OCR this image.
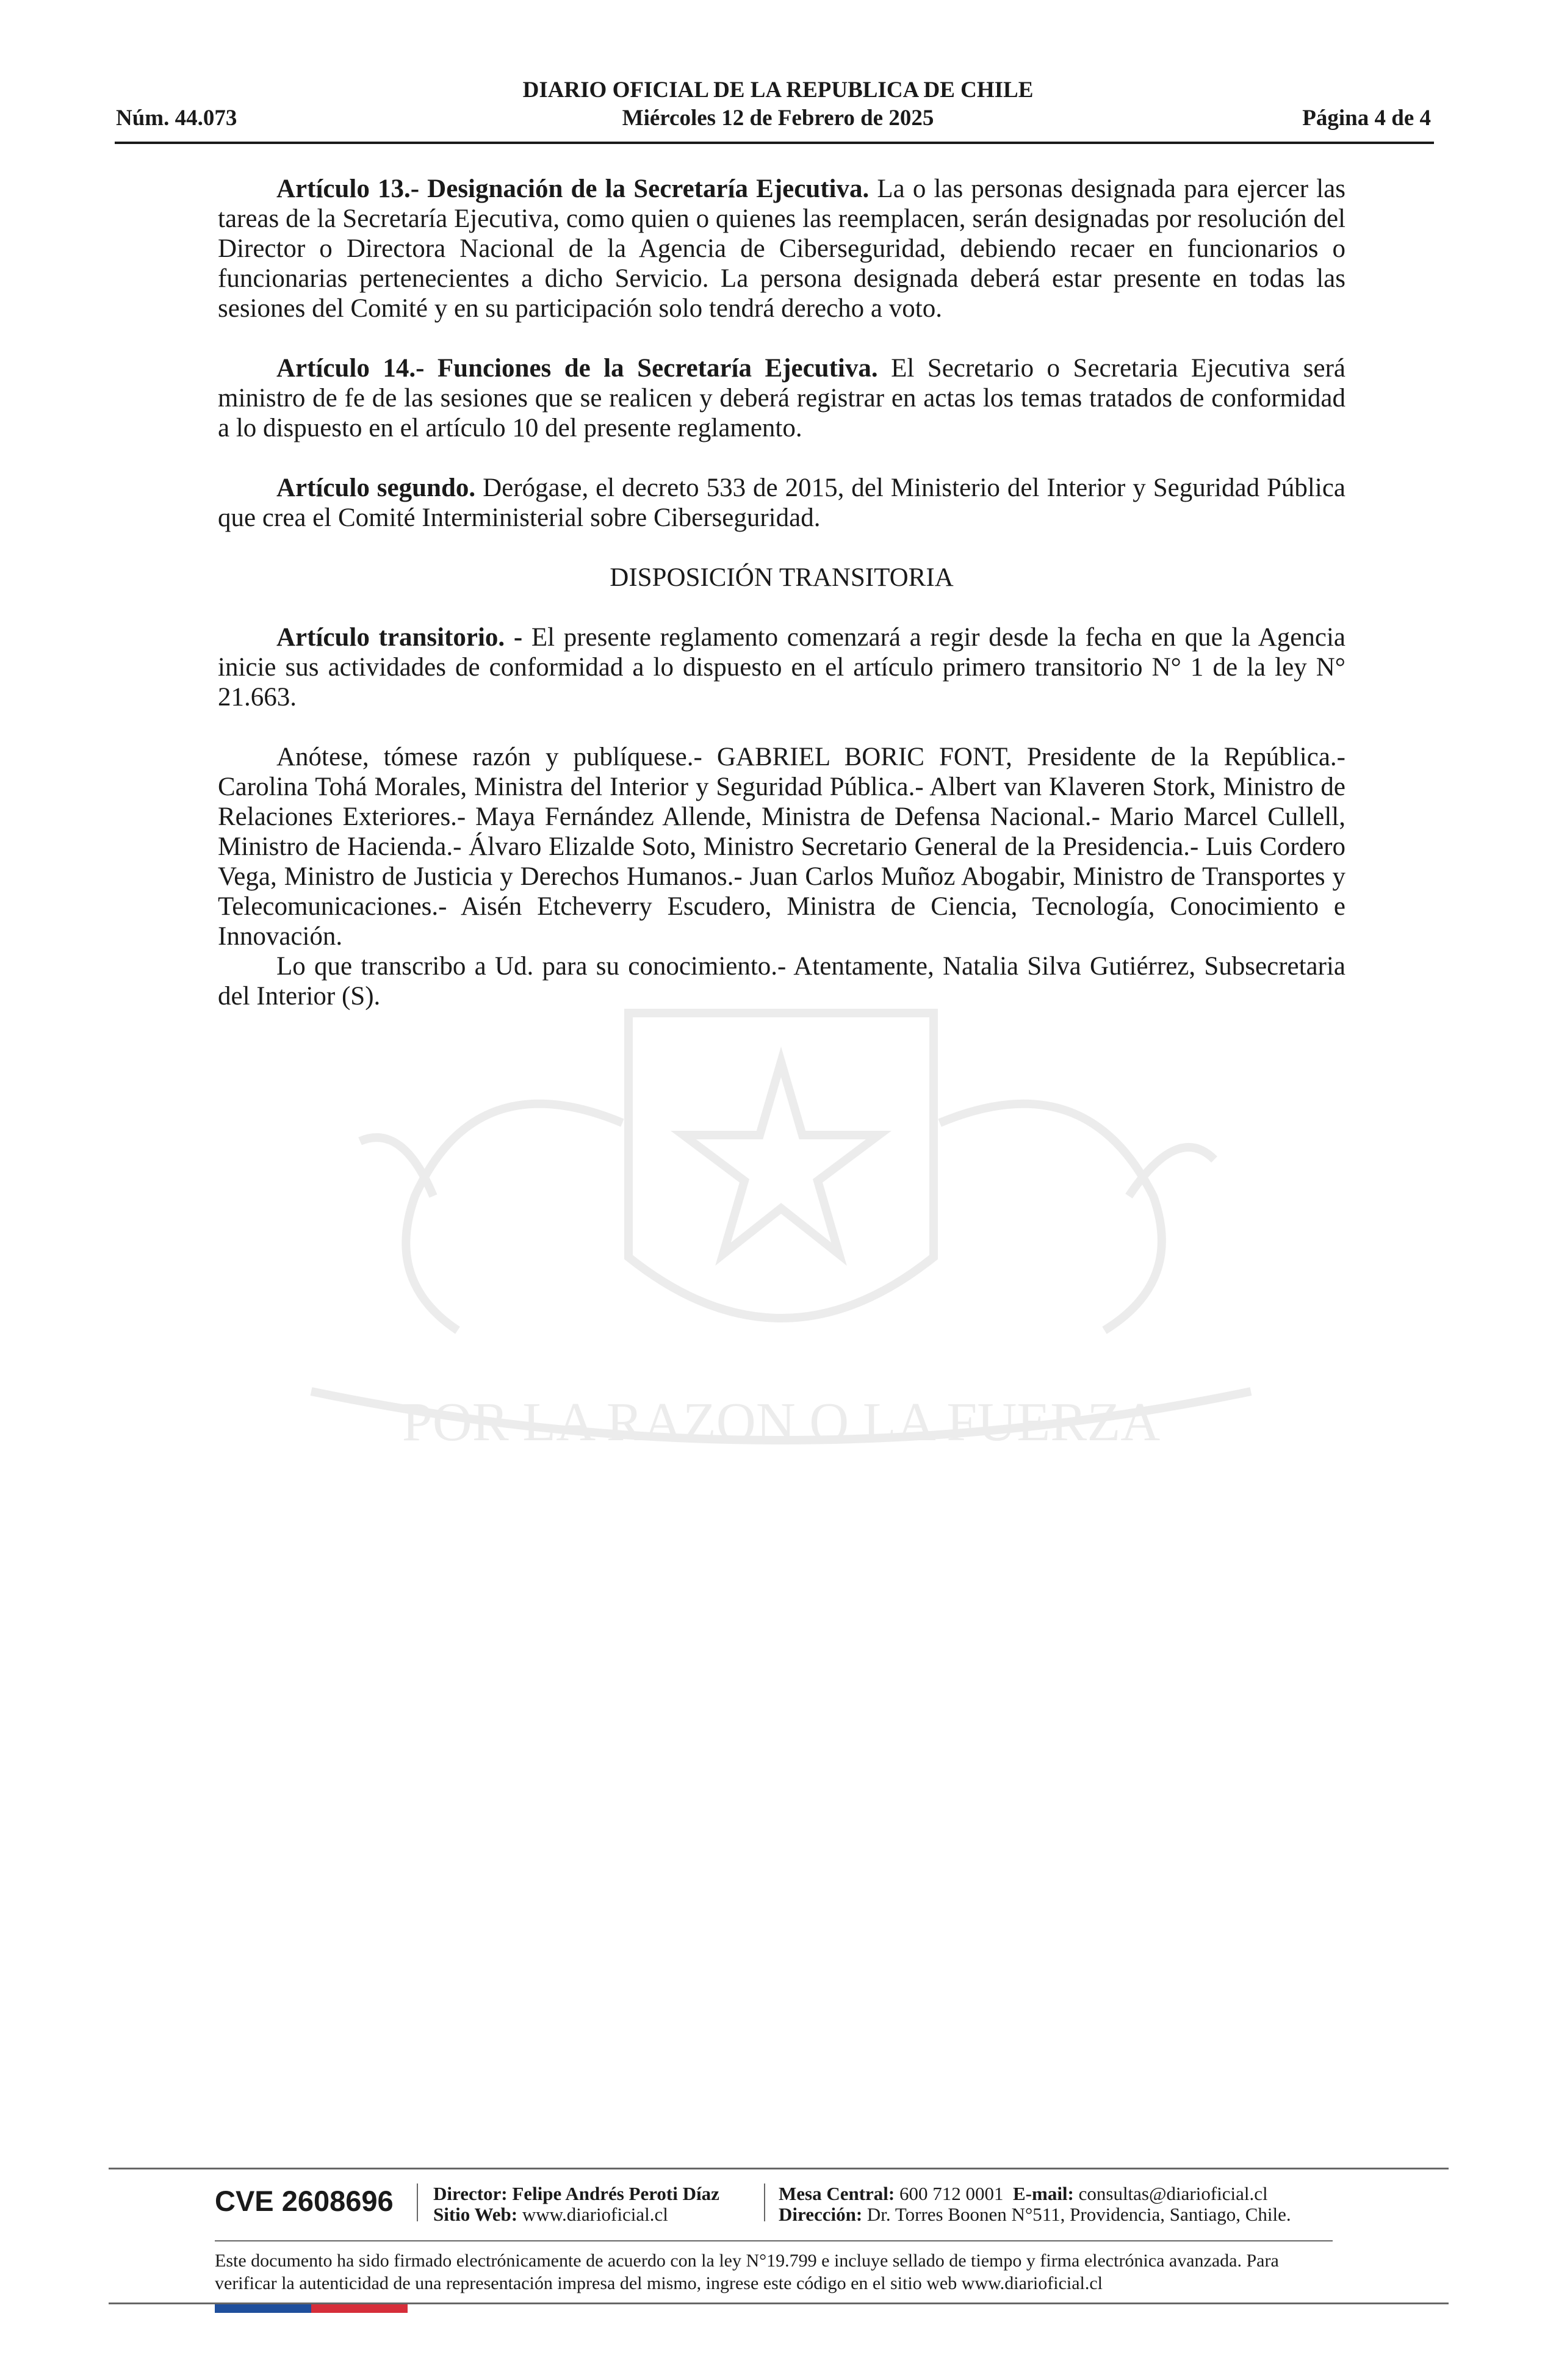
DIARIO OFICIAL DE LA REPUBLICA DE CHILE
Miércoles 12 de Febrero de 2025
Núm. 44.073	Página 4 de 4
POR LA RAZON O LA FUERZA

Artículo 13.- Designación de la Secretaría Ejecutiva. La o las personas designada para ejercer las tareas de la Secretaría Ejecutiva, como quien o quienes las reemplacen, serán designadas por resolución del Director o Directora Nacional de la Agencia de Ciberseguridad, debiendo recaer en funcionarios o funcionarias pertenecientes a dicho Servicio. La persona designada deberá estar presente en todas las sesiones del Comité y en su participación solo tendrá derecho a voto.

Artículo 14.- Funciones de la Secretaría Ejecutiva. El Secretario o Secretaria Ejecutiva será ministro de fe de las sesiones que se realicen y deberá registrar en actas los temas tratados de conformidad a lo dispuesto en el artículo 10 del presente reglamento.

Artículo segundo. Derógase, el decreto 533 de 2015, del Ministerio del Interior y Seguridad Pública que crea el Comité Interministerial sobre Ciberseguridad.

DISPOSICIÓN TRANSITORIA

Artículo transitorio. - El presente reglamento comenzará a regir desde la fecha en que la Agencia inicie sus actividades de conformidad a lo dispuesto en el artículo primero transitorio N° 1 de la ley N° 21.663.

Anótese, tómese razón y publíquese.- GABRIEL BORIC FONT, Presidente de la República.- Carolina Tohá Morales, Ministra del Interior y Seguridad Pública.- Albert van Klaveren Stork, Ministro de Relaciones Exteriores.- Maya Fernández Allende, Ministra de Defensa Nacional.- Mario Marcel Cullell, Ministro de Hacienda.- Álvaro Elizalde Soto, Ministro Secretario General de la Presidencia.- Luis Cordero Vega, Ministro de Justicia y Derechos Humanos.- Juan Carlos Muñoz Abogabir, Ministro de Transportes y Telecomunicaciones.- Aisén Etcheverry Escudero, Ministra de Ciencia, Tecnología, Conocimiento e Innovación.

Lo que transcribo a Ud. para su conocimiento.- Atentamente, Natalia Silva Gutiérrez, Subsecretaria del Interior (S).

CVE 2608696 Director: Felipe Andrés Peroti Díaz
Sitio Web: www.diarioficial.cl
Mesa Central: 600 712 0001 E-mail: consultas@diarioficial.cl
Dirección: Dr. Torres Boonen N°511, Providencia, Santiago, Chile.
Este documento ha sido firmado electrónicamente de acuerdo con la ley N°19.799 e incluye sellado de tiempo y firma electrónica avanzada. Para verificar la autenticidad de una representación impresa del mismo, ingrese este código en el sitio web www.diarioficial.cl
